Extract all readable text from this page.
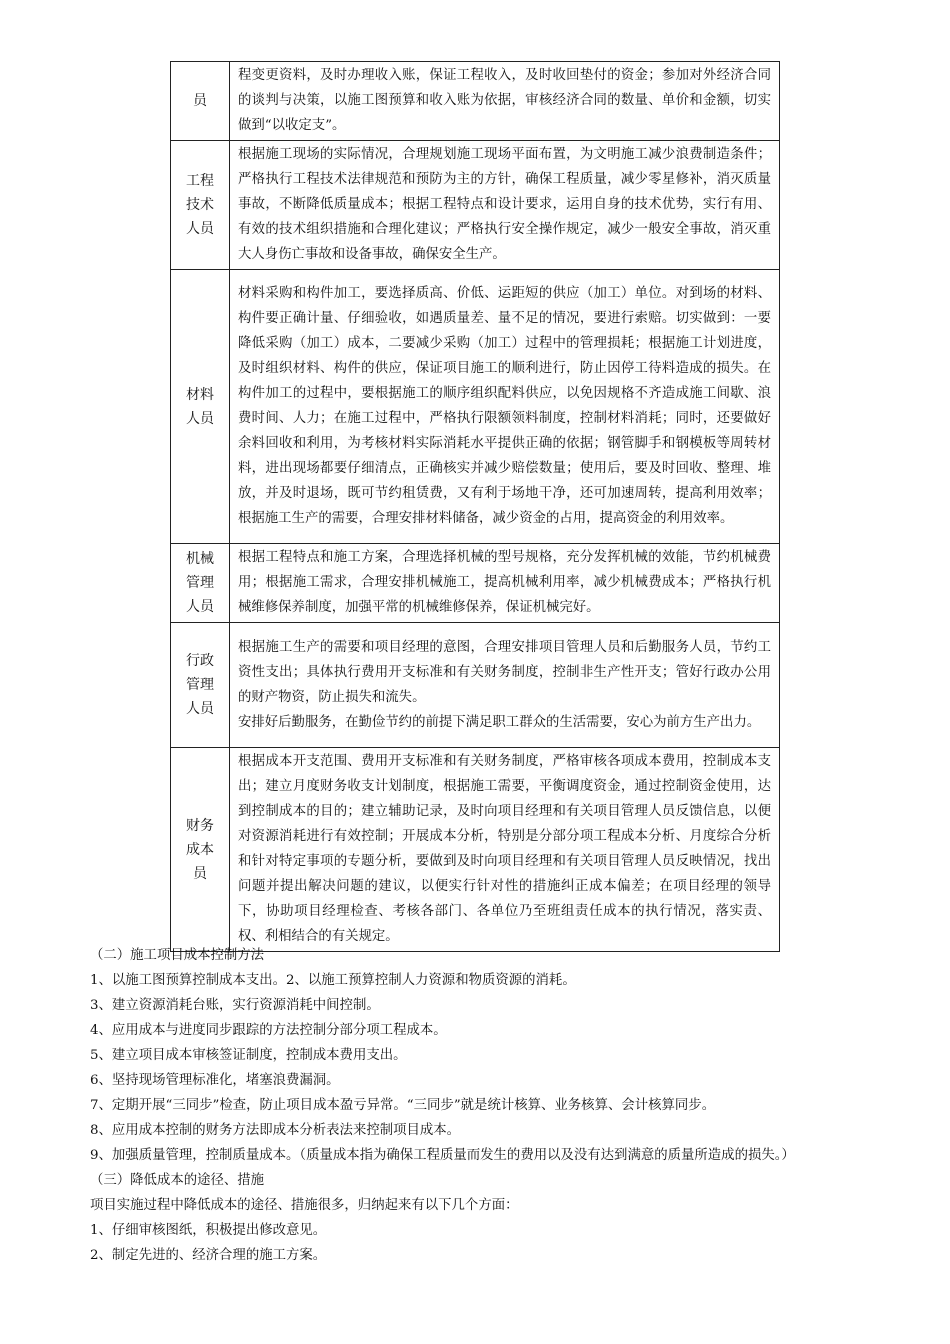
员	程变更资料，及时办理收入账，保证工程收入，及时收回垫付的资金；参加对外经济合同的谈判与决策，以施工图预算和收入账为依据，审核经济合同的数量、单价和金额，切实做到“以收定支”。

工程技术人员	根据施工现场的实际情况，合理规划施工现场平面布置，为文明施工减少浪费制造条件；严格执行工程技术法律规范和预防为主的方针，确保工程质量，减少零星修补，消灭质量事故，不断降低质量成本；根据工程特点和设计要求，运用自身的技术优势，实行有用、有效的技术组织措施和合理化建议；严格执行安全操作规定，减少一般安全事故，消灭重大人身伤亡事故和设备事故，确保安全生产。

材料人员	材料采购和构件加工，要选择质高、价低、运距短的供应（加工）单位。对到场的材料、构件要正确计量、仔细验收，如遇质量差、量不足的情况，要进行索赔。切实做到：一要降低采购（加工）成本，二要减少采购（加工）过程中的管理损耗；根据施工计划进度，及时组织材料、构件的供应，保证项目施工的顺利进行，防止因停工待料造成的损失。在构件加工的过程中，要根据施工的顺序组织配料供应，以免因规格不齐造成施工间歇、浪费时间、人力；在施工过程中，严格执行限额领料制度，控制材料消耗；同时，还要做好余料回收和利用，为考核材料实际消耗水平提供正确的依据；钢管脚手和钢模板等周转材料，进出现场都要仔细清点，正确核实并减少赔偿数量；使用后，要及时回收、整理、堆放，并及时退场，既可节约租赁费，又有利于场地干净，还可加速周转，提高利用效率；根据施工生产的需要，合理安排材料储备，减少资金的占用，提高资金的利用效率。

机械管理人员	根据工程特点和施工方案，合理选择机械的型号规格，充分发挥机械的效能，节约机械费用；根据施工需求，合理安排机械施工，提高机械利用率，减少机械费成本；严格执行机械维修保养制度，加强平常的机械维修保养，保证机械完好。

行政管理人员	根据施工生产的需要和项目经理的意图，合理安排项目管理人员和后勤服务人员，节约工资性支出；具体执行费用开支标准和有关财务制度，控制非生产性开支；管好行政办公用的财产物资，防止损失和流失。

安排好后勤服务，在勤俭节约的前提下满足职工群众的生活需要，安心为前方生产出力。

财务成本员	根据成本开支范围、费用开支标准和有关财务制度，严格审核各项成本费用，控制成本支出；建立月度财务收支计划制度，根据施工需要，平衡调度资金，通过控制资金使用，达到控制成本的目的；建立辅助记录，及时向项目经理和有关项目管理人员反馈信息，以便对资源消耗进行有效控制；开展成本分析，特别是分部分项工程成本分析、月度综合分析和针对特定事项的专题分析，要做到及时向项目经理和有关项目管理人员反映情况，找出问题并提出解决问题的建议，以便实行针对性的措施纠正成本偏差；在项目经理的领导下，协助项目经理检查、考核各部门、各单位乃至班组责任成本的执行情况，落实责、权、利相结合的有关规定。

（二）施工项目成本控制方法
1、以施工图预算控制成本支出。2、以施工预算控制人力资源和物质资源的消耗。
3、建立资源消耗台账，实行资源消耗中间控制。
4、应用成本与进度同步跟踪的方法控制分部分项工程成本。
5、建立项目成本审核签证制度，控制成本费用支出。
6、坚持现场管理标准化，堵塞浪费漏洞。
7、定期开展“三同步”检查，防止项目成本盈亏异常。“三同步”就是统计核算、业务核算、会计核算同步。
8、应用成本控制的财务方法即成本分析表法来控制项目成本。
9、加强质量管理，控制质量成本。（质量成本指为确保工程质量而发生的费用以及没有达到满意的质量所造成的损失。）
（三）降低成本的途径、措施
项目实施过程中降低成本的途径、措施很多，归纳起来有以下几个方面：
1、仔细审核图纸，积极提出修改意见。
2、制定先进的、经济合理的施工方案。
